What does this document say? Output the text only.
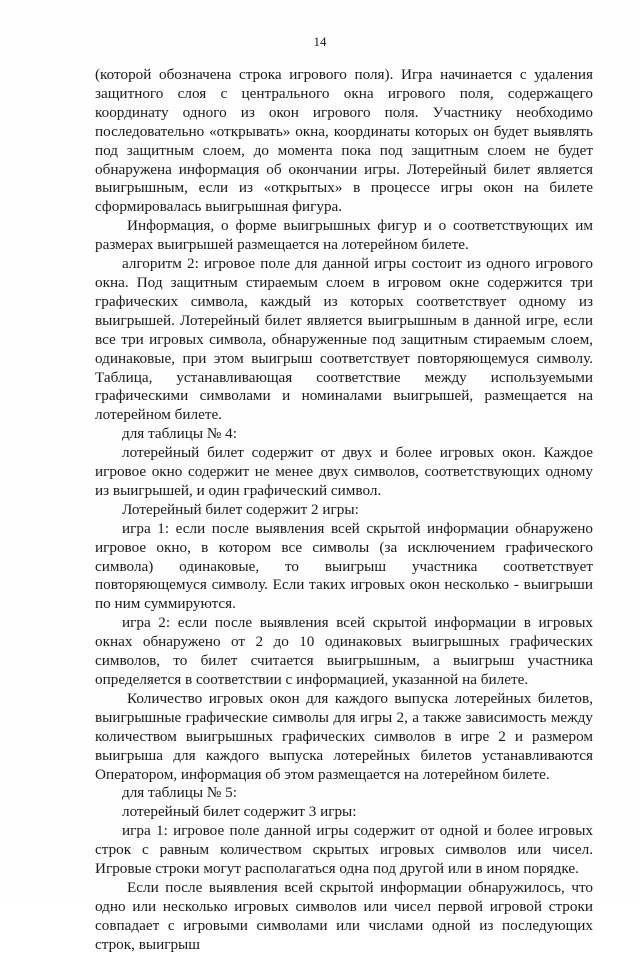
14

(которой обозначена строка игрового поля). Игра начинается с удаления защитного слоя с центрального окна игрового поля, содержащего координату одного из окон игрового поля. Участнику необходимо последовательно «открывать» окна, координаты которых он будет выявлять под защитным слоем, до момента пока под защитным слоем не будет обнаружена информация об окончании игры. Лотерейный билет является выигрышным, если из «открытых» в процессе игры окон на билете сформировалась выигрышная фигура.

Информация, о форме выигрышных фигур и о соответствующих им размерах выигрышей размещается на лотерейном билете.

алгоритм 2: игровое поле для данной игры состоит из одного игрового окна. Под защитным стираемым слоем в игровом окне содержится три графических символа, каждый из которых соответствует одному из выигрышей. Лотерейный билет является выигрышным в данной игре, если все три игровых символа, обнаруженные под защитным стираемым слоем, одинаковые, при этом выигрыш соответствует повторяющемуся символу. Таблица, устанавливающая соответствие между используемыми графическими символами и номиналами выигрышей, размещается на лотерейном билете.

для таблицы № 4:

лотерейный билет содержит от двух и более игровых окон. Каждое игровое окно содержит не менее двух символов, соответствующих одному из выигрышей, и один графический символ.

Лотерейный билет содержит 2 игры:

игра 1: если после выявления всей скрытой информации обнаружено игровое окно, в котором все символы (за исключением графического символа) одинаковые, то выигрыш участника соответствует повторяющемуся символу. Если таких игровых окон несколько - выигрыши по ним суммируются.

игра 2: если после выявления всей скрытой информации в игровых окнах обнаружено от 2 до 10 одинаковых выигрышных графических символов, то билет считается выигрышным, а выигрыш участника определяется в соответствии с информацией, указанной на билете.

Количество игровых окон для каждого выпуска лотерейных билетов, выигрышные графические символы для игры 2, а также зависимость между количеством выигрышных графических символов в игре 2 и размером выигрыша для каждого выпуска лотерейных билетов устанавливаются Оператором, информация об этом размещается на лотерейном билете.

для таблицы № 5:

лотерейный билет содержит 3 игры:

игра 1: игровое поле данной игры содержит от одной и более игровых строк с равным количеством скрытых игровых символов или чисел. Игровые строки могут располагаться одна под другой или в ином порядке.

Если после выявления всей скрытой информации обнаружилось, что одно или несколько игровых символов или чисел первой игровой строки совпадает с игровыми символами или числами одной из последующих строк, выигрыш
